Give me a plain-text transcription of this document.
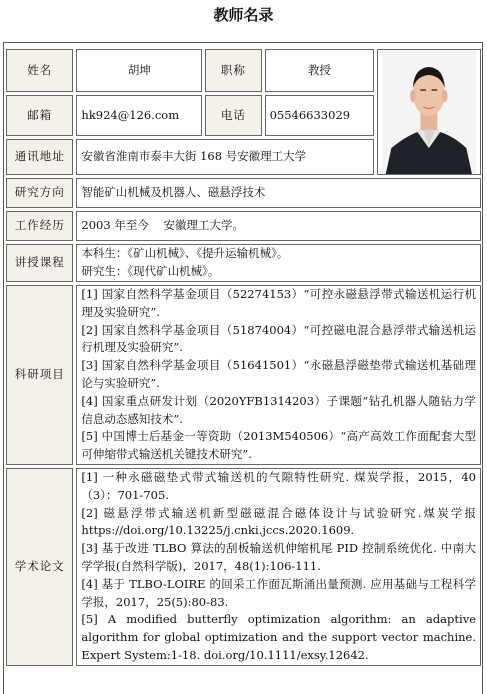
教师名录
姓名	胡坤	职称	教授	

邮箱	hk924@126.com	电话	05546633029	
通讯地址	安徽省淮南市泰丰大街 168 号安徽理工大学			
研究方向	智能矿山机械及机器人、磁悬浮技术			
工作经历	2003 年至今    安徽理工大学。			
讲授课程	本科生：《矿山机械》、《提升运输机械》。

研究生：《现代矿山机械》。			

科研项目	[1] 国家自然科学基金项目（52274153）“可控永磁悬浮带式输送机运行机理及实验研究”.

[2] 国家自然科学基金项目（51874004）“可控磁电混合悬浮带式输送机运行机理及实验研究”.

[3] 国家自然科学基金项目（51641501）“永磁悬浮磁垫带式输送机基础理论与实验研究”.

[4] 国家重点研发计划（2020YFB1314203）子课题“钻孔机器人随钻力学信息动态感知技术”.

[5] 中国博士后基金一等资助（2013M540506）“高产高效工作面配套大型可伸缩带式输送机关键技术研究”.			

学术论文	[1] 一种永磁磁垫式带式输送机的气隙特性研究. 煤炭学报，2015，40（3）：701-705.

[2] 磁悬浮带式输送机新型磁磁混合磁体设计与试验研究.煤炭学报 https://doi.org/10.13225/j.cnki.jccs.2020.1609.

[3] 基于改进 TLBO 算法的刮板输送机伸缩机尾 PID 控制系统优化. 中南大学学报(自然科学版)，2017，48(1):106-111.

[4] 基于 TLBO-LOIRE 的回采工作面瓦斯涌出量预测. 应用基础与工程科学学报，2017，25(5):80-83.

[5] A modified butterfly optimization algorithm: an adaptive algorithm for global optimization and the support vector machine. Expert System:1-18. doi.org/10.1111/exsy.12642.			
